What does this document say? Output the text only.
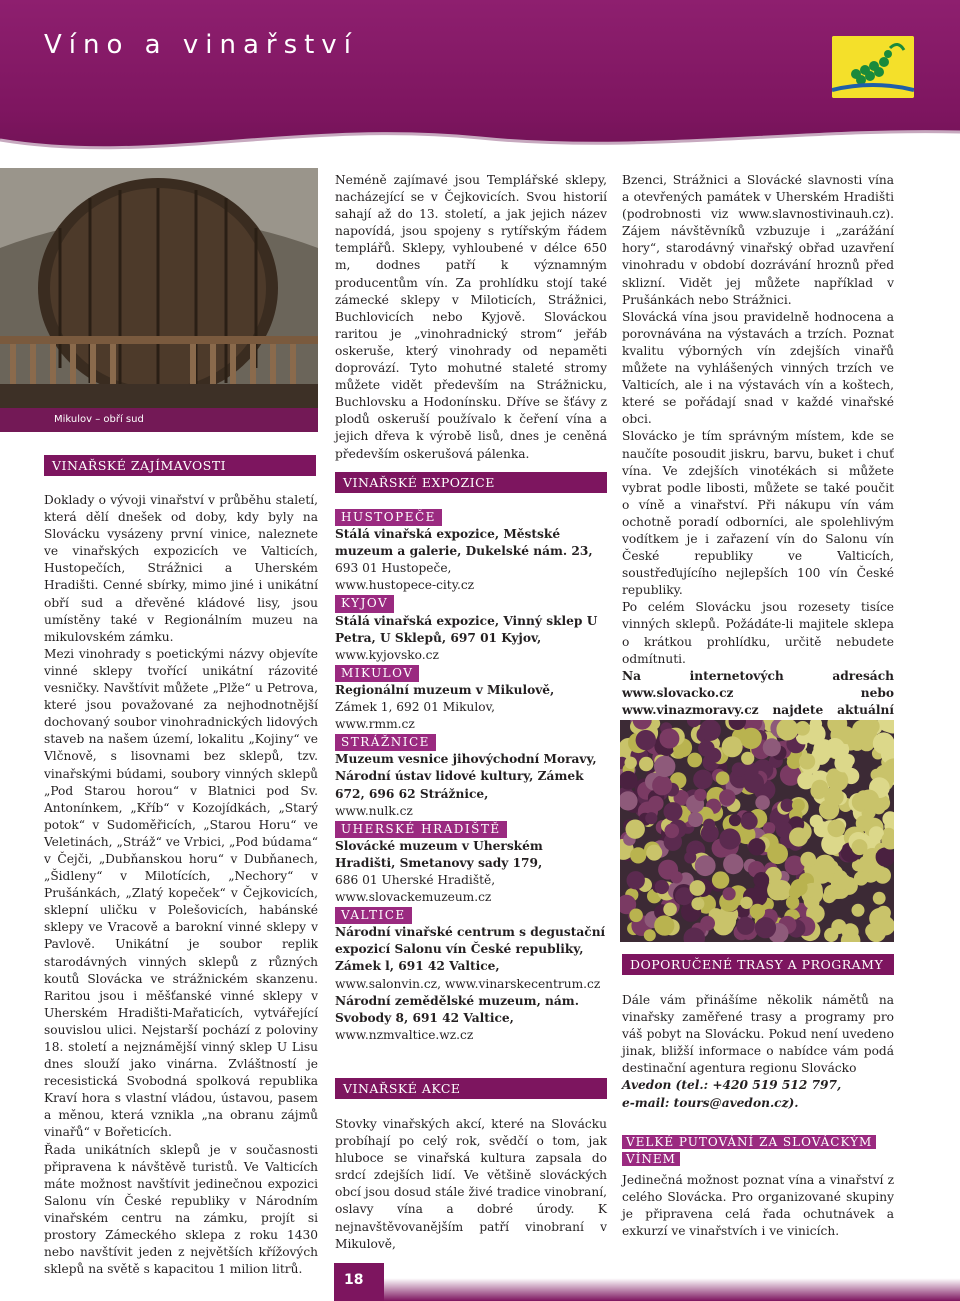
Víno a vinařství
Mikulov – obří sud
VINAŘSKÉ ZAJÍMAVOSTI

Doklady o vývoji vinařství v průběhu staletí, která dělí dnešek od doby, kdy byly na Slovácku vysázeny první vinice, naleznete ve vinařských expozicích ve Valticích, Hustopečích, Strážnici a Uherském Hradišti. Cenné sbírky, mimo jiné i unikátní obří sud a dřevěné kládové lisy, jsou umístěny také v Regionálním muzeu na mikulovském zámku.

Mezi vinohrady s poetickými názvy objevíte vinné sklepy tvořící unikátní rázovité vesničky. Navštívit můžete „Plže“ u Petrova, které jsou považované za nejhodnotnější dochovaný soubor vinohradnických lidových staveb na našem území, lokalitu „Kojiny“ ve Vlčnově, s lisovnami bez sklepů, tzv. vinařskými búdami, soubory vinných sklepů „Pod Starou horou“ v Blatnici pod Sv. Antonínkem, „Kříb“ v Kozojídkách, „Starý potok“ v Sudoměřicích, „Starou Horu“ ve Veletinách, „Stráž“ ve Vrbici, „Pod búdama“ v Čejči, „Dubňanskou horu“ v Dubňanech, „Šidleny“ v Milotících, „Nechory“ v Prušánkách, „Zlatý kopeček“ v Čejkovicích, sklepní uličku v Polešovicích, habánské sklepy ve Vracově a barokní vinné sklepy v Pavlově. Unikátní je soubor replik starodávných vinných sklepů z různých koutů Slovácka ve strážnickém skanzenu. Raritou jsou i měšťanské vinné sklepy v Uherském Hradišti-Mařaticích, vytvářející souvislou ulici. Nejstarší pochází z poloviny 18. století a nejznámější vinný sklep U Lisu dnes slouží jako vinárna. Zvláštností je recesistická Svobodná spolková republika Kraví hora s vlastní vládou, ústavou, pasem a měnou, která vznikla „na obranu zájmů vinařů“ v Bořeticích.

Řada unikátních sklepů je v současnosti připravena k návštěvě turistů. Ve Valticích máte možnost navštívit jedinečnou expozici Salonu vín České republiky v Národním vinařském centru na zámku, projít si prostory Zámeckého sklepa z roku 1430 nebo navštívit jeden z největších křížových sklepů na světě s kapacitou 1 milion litrů.

Neméně zajímavé jsou Templářské sklepy, nacházející se v Čejkovicích. Svou historií sahají až do 13. století, a jak jejich název napovídá, jsou spojeny s rytířským řádem templářů. Sklepy, vyhloubené v délce 650 m, dodnes patří k významným producentům vín. Za prohlídku stojí také zámecké sklepy v Miloticích, Strážnici, Buchlovicích nebo Kyjově. Slováckou raritou je „vinohradnický strom“ jeřáb oskeruše, který vinohrady od nepaměti doprovází. Tyto mohutné staleté stromy můžete vidět především na Strážnicku, Buchlovsku a Hodonínsku. Dříve se šťávy z plodů oskeruší používalo k čeření vína a jejich dřeva k výrobě lisů, dnes je ceněná především oskerušová pálenka.

VINAŘSKÉ EXPOZICE
HUSTOPEČE

Stálá vinařská expozice, Městské muzeum a galerie, Dukelské nám. 23,

693 01 Hustopeče,

www.hustopece-city.cz

KYJOV

Stálá vinařská expozice, Vinný sklep U Petra, U Sklepů, 697 01 Kyjov,

www.kyjovsko.cz

MIKULOV

Regionální muzeum v Mikulově,

Zámek 1, 692 01 Mikulov,

www.rmm.cz

STRÁŽNICE

Muzeum vesnice jihovýchodní Moravy, Národní ústav lidové kultury, Zámek 672, 696 62 Strážnice,

www.nulk.cz

UHERSKÉ HRADIŠTĚ

Slovácké muzeum v Uherském Hradišti, Smetanovy sady 179,

686 01 Uherské Hradiště,

www.slovackemuzeum.cz

VALTICE

Národní vinařské centrum s degustační expozicí Salonu vín České republiky, Zámek l, 691 42 Valtice,

www.salonvin.cz, www.vinarskecentrum.cz

Národní zemědělské muzeum, nám. Svobody 8, 691 42 Valtice,

www.nzmvaltice.wz.cz

VINAŘSKÉ AKCE

Stovky vinařských akcí, které na Slovácku probíhají po celý rok, svědčí o tom, jak hluboce se vinařská kultura zapsala do srdcí zdejších lidí. Ve většině slováckých obcí jsou dosud stále živé tradice vinobraní, oslavy vína a dobré úrody. K nejnavštěvovanějším patří vinobraní v Mikulově,

Bzenci, Strážnici a Slovácké slavnosti vína a otevřených památek v Uherském Hradišti (podrobnosti viz www.slavnostivinauh.cz). Zájem návštěvníků vzbuzuje i „zarážání hory“, starodávný vinařský obřad uzavření vinohradu v období dozrávání hroznů před sklizní. Vidět jej můžete například v Prušánkách nebo Strážnici.

Slovácká vína jsou pravidelně hodnocena a porovnávána na výstavách a trzích. Poznat kvalitu výborných vín zdejších vinařů můžete na vyhlášených vinných trzích ve Valticích, ale i na výstavách vín a koštech, které se pořádají snad v každé vinařské obci.

Slovácko je tím správným místem, kde se naučíte posoudit jiskru, barvu, buket i chuť vína. Ve zdejších vinotékách si můžete vybrat podle libosti, můžete se také poučit o víně a vinařství. Při nákupu vín vám ochotně poradí odborníci, ale spolehlivým vodítkem je i zařazení vín do Salonu vín České republiky ve Valticích, soustřeďujícího nejlepších 100 vín České republiky.

Po celém Slovácku jsou rozesety tisíce vinných sklepů. Požádáte-li majitele sklepa o krátkou prohlídku, určitě nebudete odmítnuti.

Na internetových adresách www.slovacko.cz nebo www.vinazmoravy.cz najdete aktuální

DOPORUČENÉ TRASY A PROGRAMY

Dále vám přinášíme několik námětů na vinařsky zaměřené trasy a programy pro váš pobyt na Slovácku. Pokud není uvedeno jinak, bližší informace o nabídce vám podá destinační agentura regionu Slovácko

Avedon (tel.: +420 519 512 797,

e-mail: tours@avedon.cz).

VELKÉ PUTOVÁNÍ ZA SLOVÁCKÝM
VÍNEM

Jedinečná možnost poznat vína a vinařství z celého Slovácka. Pro organizované skupiny je připravena celá řada ochutnávek a exkurzí ve vinařstvích i ve vinicích.

18
